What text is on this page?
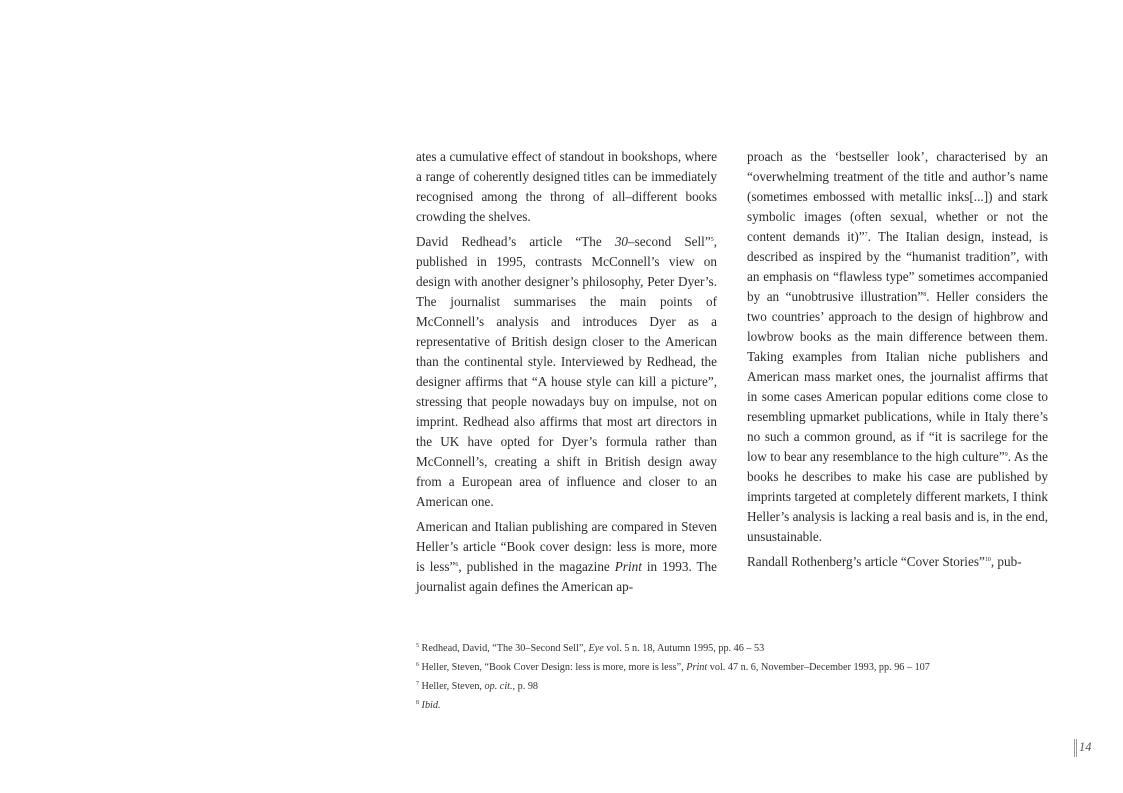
ates a cumulative effect of standout in bookshops, where a range of coherently designed titles can be immediately recognised among the throng of all–different books crowding the shelves.

David Redhead’s article “The 30–second Sell”$^5$, published in 1995, contrasts McConnell’s view on design with another designer’s philosophy, Peter Dyer’s. The journalist summarises the main points of McConnell’s analysis and introduces Dyer as a representative of British design closer to the American than the continental style. Interviewed by Redhead, the designer affirms that “A house style can kill a picture”, stressing that people nowadays buy on impulse, not on imprint. Redhead also affirms that most art directors in the UK have opted for Dyer’s formula rather than McConnell’s, creating a shift in British design away from a European area of influence and closer to an American one.

American and Italian publishing are compared in Steven Heller’s article “Book cover design: less is more, more is less”$^6$, published in the magazine Print in 1993. The journalist again defines the American ap-

proach as the ‘bestseller look’, characterised by an “overwhelming treatment of the title and author’s name (sometimes embossed with metallic inks[...]) and stark symbolic images (often sexual, whether or not the content demands it)”$^7$. The Italian design, instead, is described as inspired by the “humanist tradition”, with an emphasis on “flawless type” sometimes accompanied by an “unobtrusive illustration”$^8$. Heller considers the two countries’ approach to the design of highbrow and lowbrow books as the main difference between them. Taking examples from Italian niche publishers and American mass market ones, the journalist affirms that in some cases American popular editions come close to resembling upmarket publications, while in Italy there’s no such a common ground, as if “it is sacrilege for the low to bear any resemblance to the high culture”$^9$. As the books he describes to make his case are published by imprints targeted at completely different markets, I think Heller’s analysis is lacking a real basis and is, in the end, unsustainable.

Randall Rothenberg’s article “Cover Stories”$^{10}$, pub-

$^5$ Redhead, David, “The 30–Second Sell”, Eye vol. 5 n. 18, Autumn 1995, pp. 46 – 53

$^6$ Heller, Steven, “Book Cover Design: less is more, more is less”, Print vol. 47 n. 6, November–December 1993, pp. 96 – 107

$^7$ Heller, Steven, op. cit., p. 98

$^8$ Ibid.

14
